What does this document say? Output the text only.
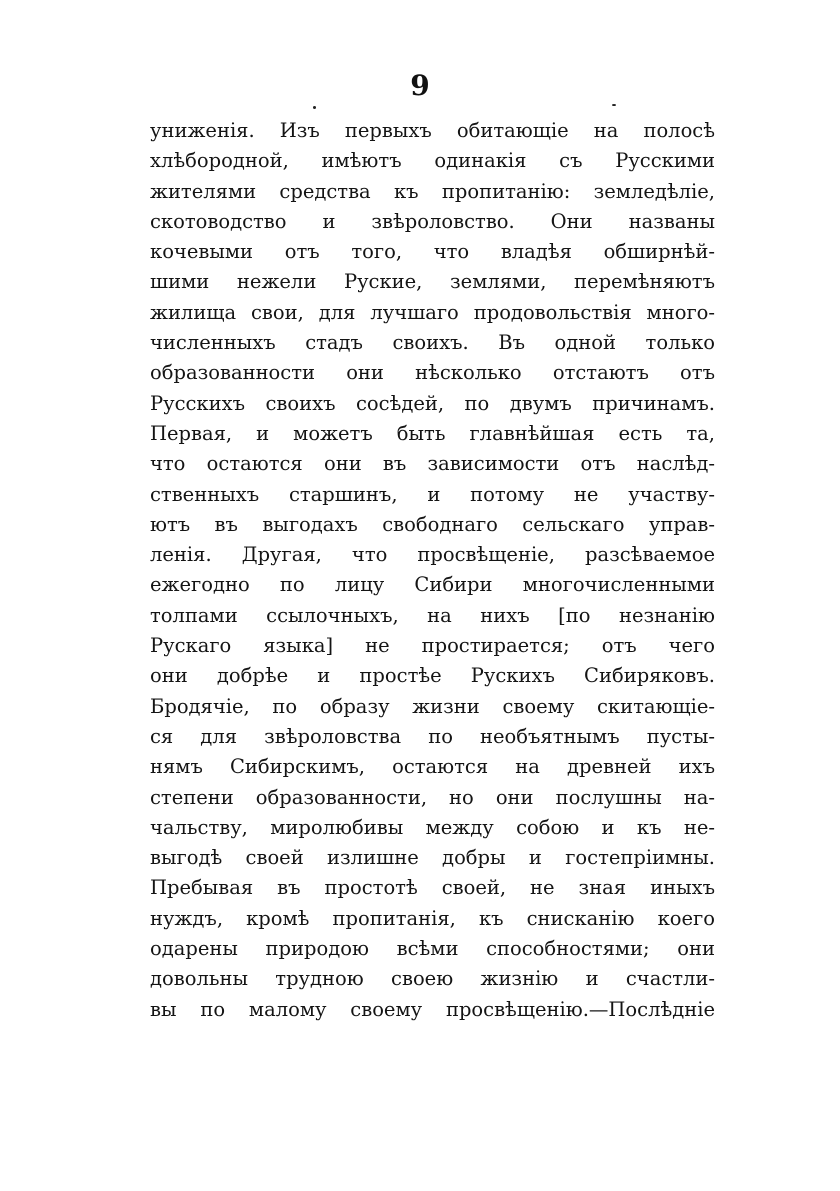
9
униженія. Изъ первыхъ обитающіе на полосѣ
хлѣбородной, имѣютъ одинакія съ Русскими
жителями средства къ пропитанію: земледѣліе,
скотоводство и звѣроловство. Они названы
кочевыми отъ того, что владѣя обширнѣй-
шими нежели Руские, землями, перемѣняютъ
жилища свои, для лучшаго продовольствія много-
численныхъ стадъ своихъ. Въ одной только
образованности они нѣсколько отстаютъ отъ
Русскихъ своихъ сосѣдей, по двумъ причинамъ.
Первая, и можетъ быть главнѣйшая есть та,
что остаются они въ зависимости отъ наслѣд-
ственныхъ старшинъ, и потому не участву-
ютъ въ выгодахъ свободнаго сельскаго управ-
ленія. Другая, что просвѣщеніе, разсѣваемое
ежегодно по лицу Сибири многочисленными
толпами ссылочныхъ, на нихъ [по незнанію
Рускаго языка] не простирается; отъ чего
они добрѣе и простѣе Рускихъ Сибиряковъ.
Бродячіе, по образу жизни своему скитающіе-
ся для звѣроловства по необъятнымъ пусты-
нямъ Сибирскимъ, остаются на древней ихъ
степени образованности, но они послушны на-
чальству, миролюбивы между собою и къ не-
выгодѣ своей излишне добры и гостепріимны.
Пребывая въ простотѣ своей, не зная иныхъ
нуждъ, кромѣ пропитанія, къ снисканію коего
одарены природою всѣми способностями; они
довольны трудною своею жизнію и счастли-
вы по малому своему просвѣщенію.—Послѣдніе
